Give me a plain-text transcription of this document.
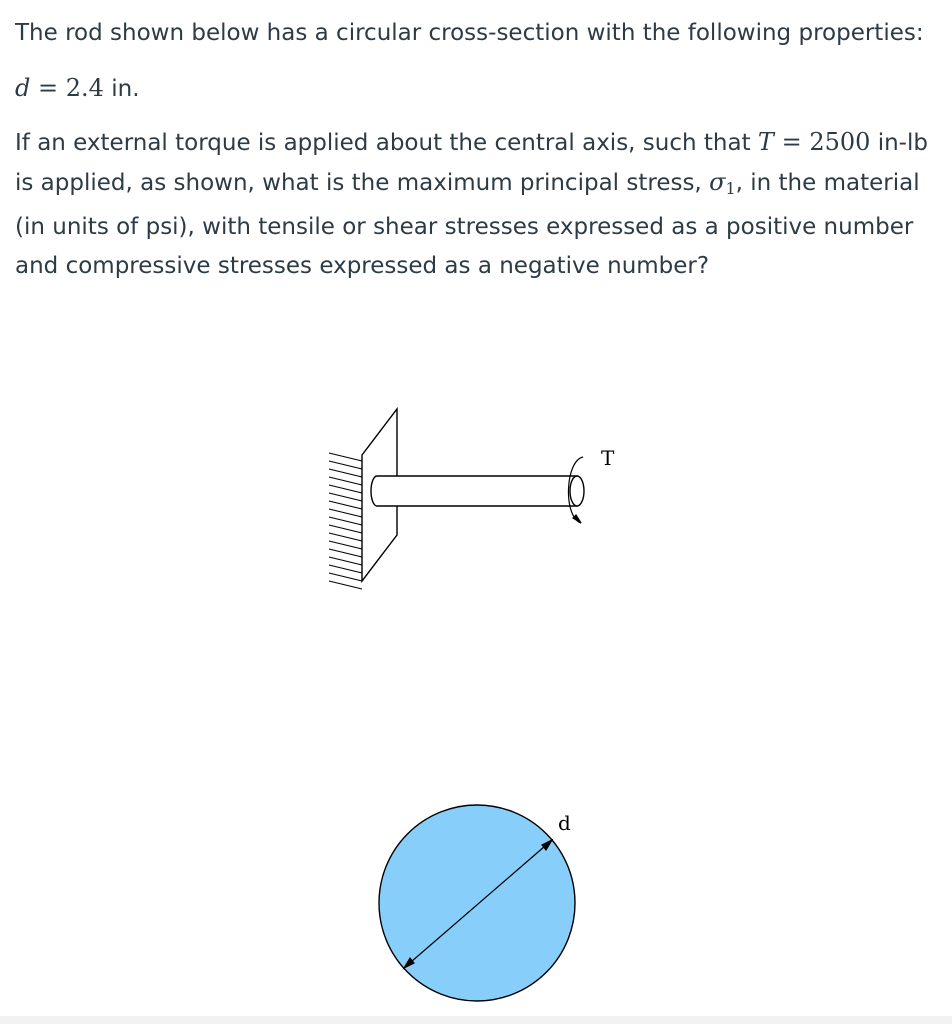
The rod shown below has a circular cross-section with the following properties:

d = 2.4 in.

If an external torque is applied about the central axis, such that T = 2500 in-lb is applied, as shown, what is the maximum principal stress, $\sigma_1$, in the material (in units of psi), with tensile or shear stresses expressed as a positive number and compressive stresses expressed as a negative number?

T
d
